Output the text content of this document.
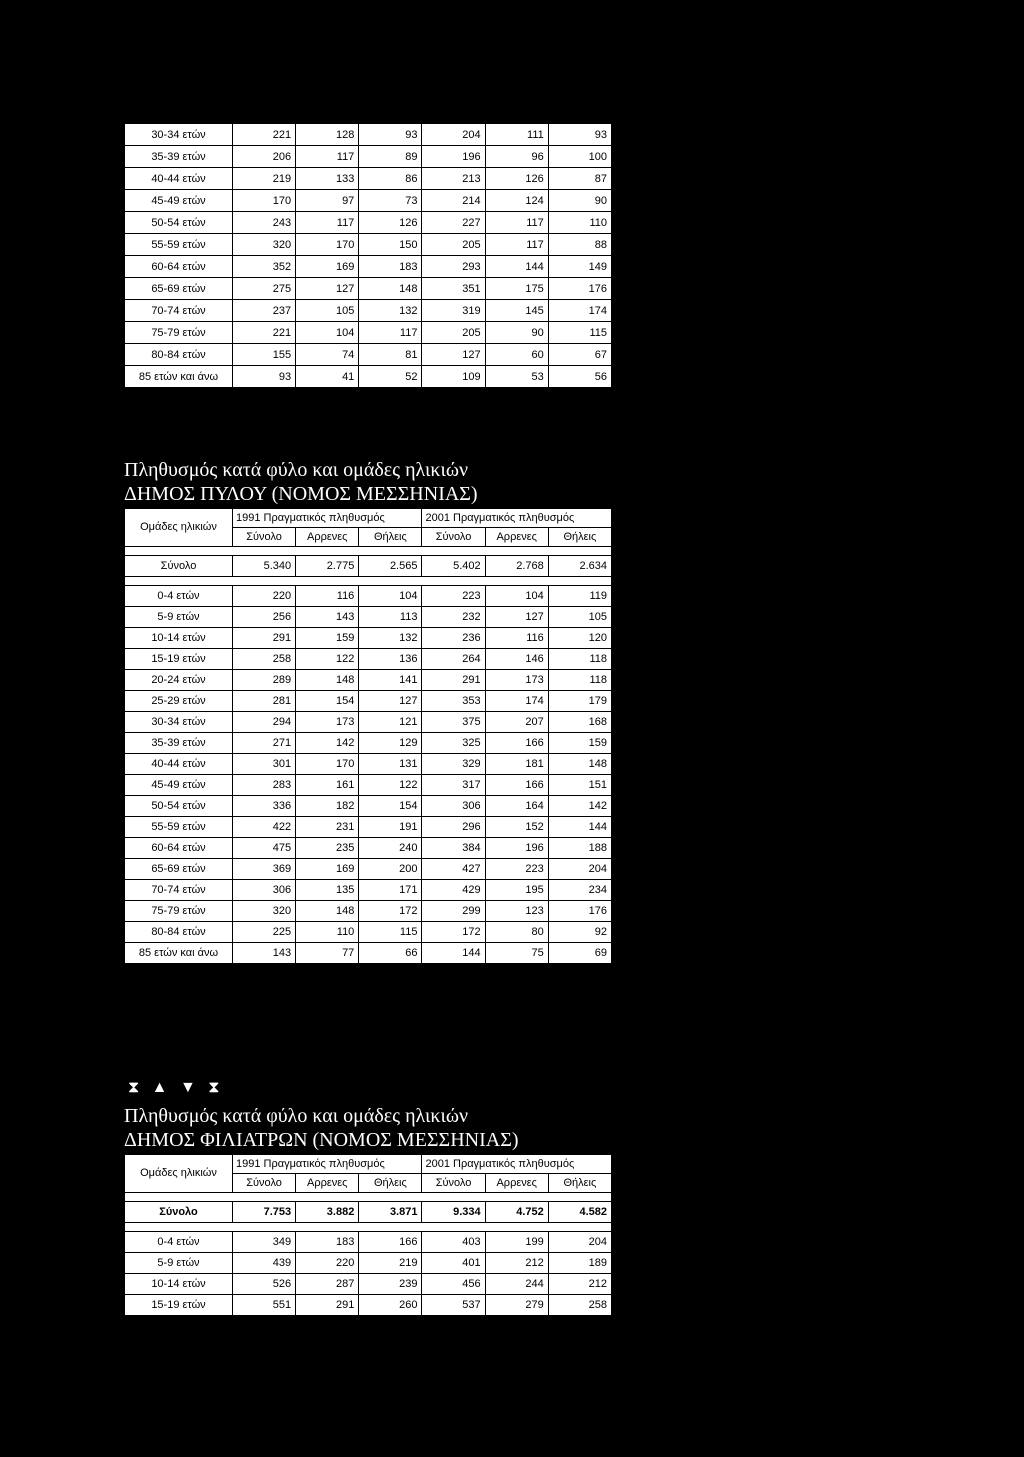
30-34 ετών	221	128	93	204	111	93
35-39 ετών	206	117	89	196	96	100
40-44 ετών	219	133	86	213	126	87
45-49 ετών	170	97	73	214	124	90
50-54 ετών	243	117	126	227	117	110
55-59 ετών	320	170	150	205	117	88
60-64 ετών	352	169	183	293	144	149
65-69 ετών	275	127	148	351	175	176
70-74 ετών	237	105	132	319	145	174
75-79 ετών	221	104	117	205	90	115
80-84 ετών	155	74	81	127	60	67
85 ετών και άνω	93	41	52	109	53	56
Πληθυσμός κατά φύλο και ομάδες ηλικιών
ΔΗΜΟΣ ΠΥΛΟΥ (ΝΟΜΟΣ ΜΕΣΣΗΝΙΑΣ)
Ομάδες ηλικιών	1991 Πραγματικός πληθυσμός			2001 Πραγματικός πληθυσμός		
	Σύνολο	Αρρενες	Θήλεις	Σύνολο	Αρρενες	Θήλεις

Σύνολο	5.340	2.775	2.565	5.402	2.768	2.634

0-4 ετών	220	116	104	223	104	119
5-9 ετών	256	143	113	232	127	105
10-14 ετών	291	159	132	236	116	120
15-19 ετών	258	122	136	264	146	118
20-24 ετών	289	148	141	291	173	118
25-29 ετών	281	154	127	353	174	179
30-34 ετών	294	173	121	375	207	168
35-39 ετών	271	142	129	325	166	159
40-44 ετών	301	170	131	329	181	148
45-49 ετών	283	161	122	317	166	151
50-54 ετών	336	182	154	306	164	142
55-59 ετών	422	231	191	296	152	144
60-64 ετών	475	235	240	384	196	188
65-69 ετών	369	169	200	427	223	204
70-74 ετών	306	135	171	429	195	234
75-79 ετών	320	148	172	299	123	176
80-84 ετών	225	110	115	172	80	92
85 ετών και άνω	143	77	66	144	75	69
⧗ ▲ ▼ ⧗
Πληθυσμός κατά φύλο και ομάδες ηλικιών
ΔΗΜΟΣ ΦΙΛΙΑΤΡΩΝ (ΝΟΜΟΣ ΜΕΣΣΗΝΙΑΣ)
Ομάδες ηλικιών	1991 Πραγματικός πληθυσμός			2001 Πραγματικός πληθυσμός		
	Σύνολο	Αρρενες	Θήλεις	Σύνολο	Αρρενες	Θήλεις

Σύνολο	7.753	3.882	3.871	9.334	4.752	4.582

0-4 ετών	349	183	166	403	199	204
5-9 ετών	439	220	219	401	212	189
10-14 ετών	526	287	239	456	244	212
15-19 ετών	551	291	260	537	279	258
